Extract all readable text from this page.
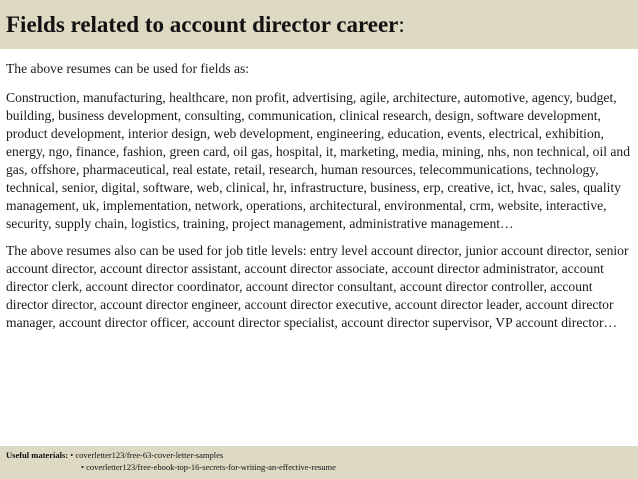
Fields related to account director career:

The above resumes can be used for fields as:

Construction, manufacturing, healthcare, non profit, advertising, agile, architecture, automotive, agency, budget, building, business development, consulting, communication, clinical research, design, software development, product development, interior design, web development, engineering, education, events, electrical, exhibition, energy, ngo, finance, fashion, green card, oil gas, hospital, it, marketing, media, mining, nhs, non technical, oil and gas, offshore, pharmaceutical, real estate, retail, research, human resources, telecommunications, technology, technical, senior, digital, software, web, clinical, hr, infrastructure, business, erp, creative, ict, hvac, sales, quality management, uk, implementation, network, operations, architectural, environmental, crm, website, interactive, security, supply chain, logistics, training, project management, administrative management…

The above resumes also can be used for job title levels: entry level account director, junior account director, senior account director, account director assistant, account director associate, account director administrator, account director clerk, account director coordinator, account director consultant, account director controller, account director director, account director engineer, account director executive, account director leader, account director manager, account director officer, account director specialist, account director supervisor, VP account director…

Useful materials: • coverletter123/free-63-cover-letter-samples
• coverletter123/free-ebook-top-16-secrets-for-writing-an-effective-resume
